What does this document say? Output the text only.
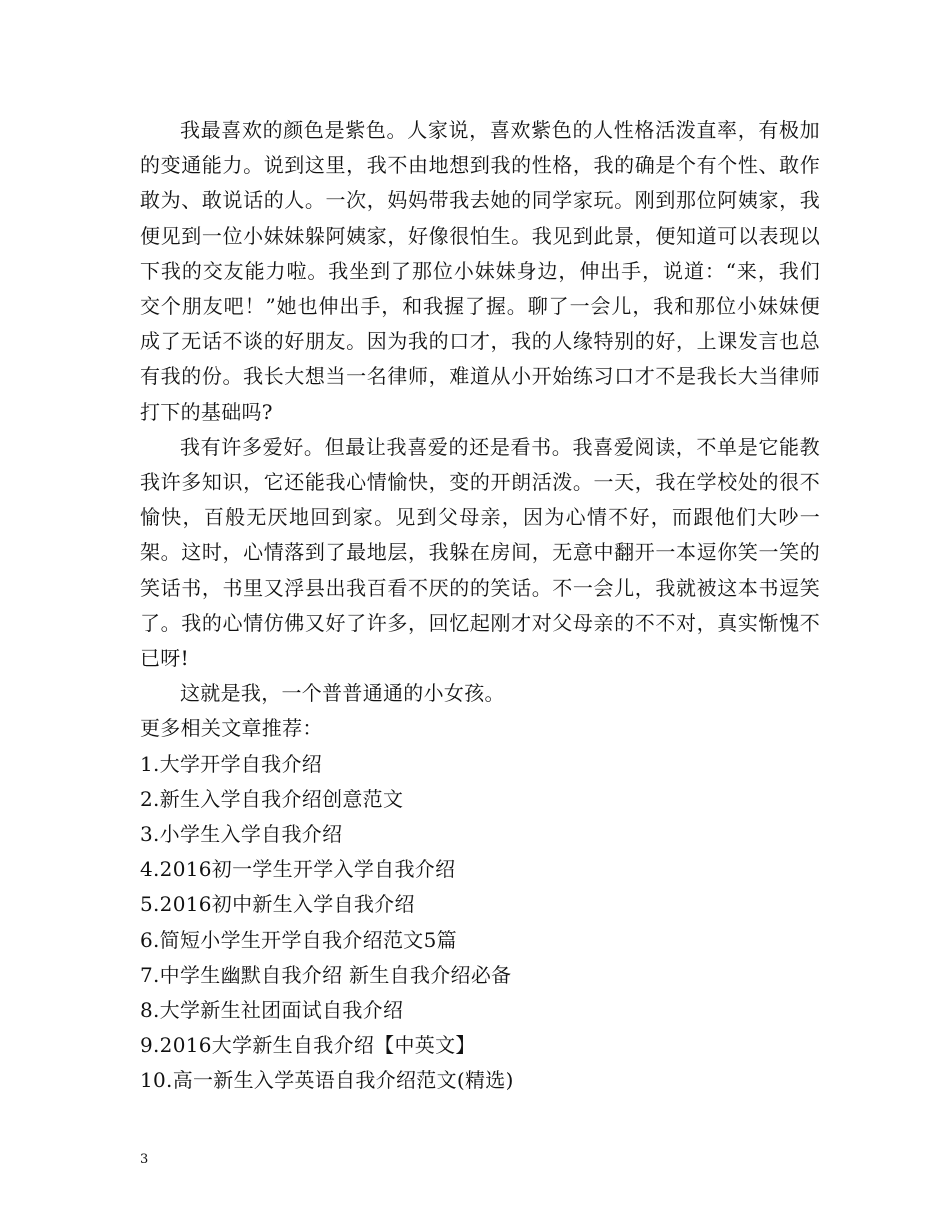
我最喜欢的颜色是紫色。人家说，喜欢紫色的人性格活泼直率，有极加的变通能力。说到这里，我不由地想到我的性格，我的确是个有个性、敢作敢为、敢说话的人。一次，妈妈带我去她的同学家玩。刚到那位阿姨家，我便见到一位小妹妹躲阿姨家，好像很怕生。我见到此景，便知道可以表现以下我的交友能力啦。我坐到了那位小妹妹身边，伸出手，说道：“来，我们交个朋友吧！”她也伸出手，和我握了握。聊了一会儿，我和那位小妹妹便成了无话不谈的好朋友。因为我的口才，我的人缘特别的好，上课发言也总有我的份。我长大想当一名律师，难道从小开始练习口才不是我长大当律师打下的基础吗?

我有许多爱好。但最让我喜爱的还是看书。我喜爱阅读，不单是它能教我许多知识，它还能我心情愉快，变的开朗活泼。一天，我在学校处的很不愉快，百般无厌地回到家。见到父母亲，因为心情不好，而跟他们大吵一架。这时，心情落到了最地层，我躲在房间，无意中翻开一本逗你笑一笑的笑话书，书里又浮县出我百看不厌的的笑话。不一会儿，我就被这本书逗笑了。我的心情仿佛又好了许多，回忆起刚才对父母亲的不不对，真实惭愧不已呀!

这就是我，一个普普通通的小女孩。

更多相关文章推荐：

1.大学开学自我介绍
2.新生入学自我介绍创意范文
3.小学生入学自我介绍
4.2016初一学生开学入学自我介绍
5.2016初中新生入学自我介绍
6.简短小学生开学自我介绍范文5篇
7.中学生幽默自我介绍 新生自我介绍必备
8.大学新生社团面试自我介绍
9.2016大学新生自我介绍【中英文】
10.高一新生入学英语自我介绍范文(精选)
3
